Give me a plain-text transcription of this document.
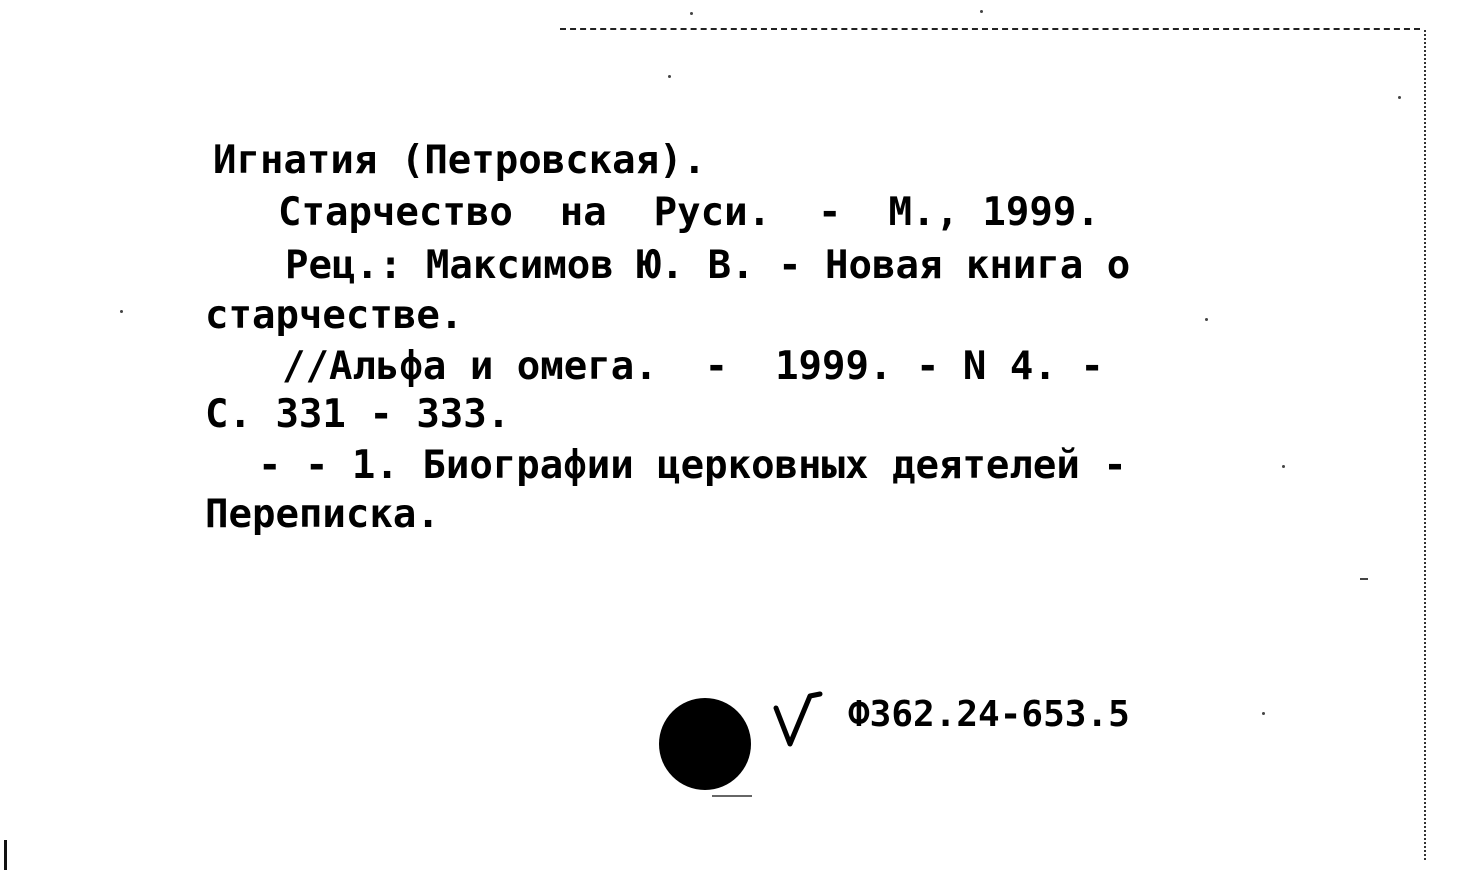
Игнатия (Петровская).

Старчество  на  Руси.  -  М., 1999.

Рец.: Максимов Ю. В. - Новая книга о

старчестве.

//Альфа и омега.  -  1999. - N 4. -

С. 331 - 333.

- - 1. Биографии церковных деятелей -

Переписка.

Ф362.24-653.5
